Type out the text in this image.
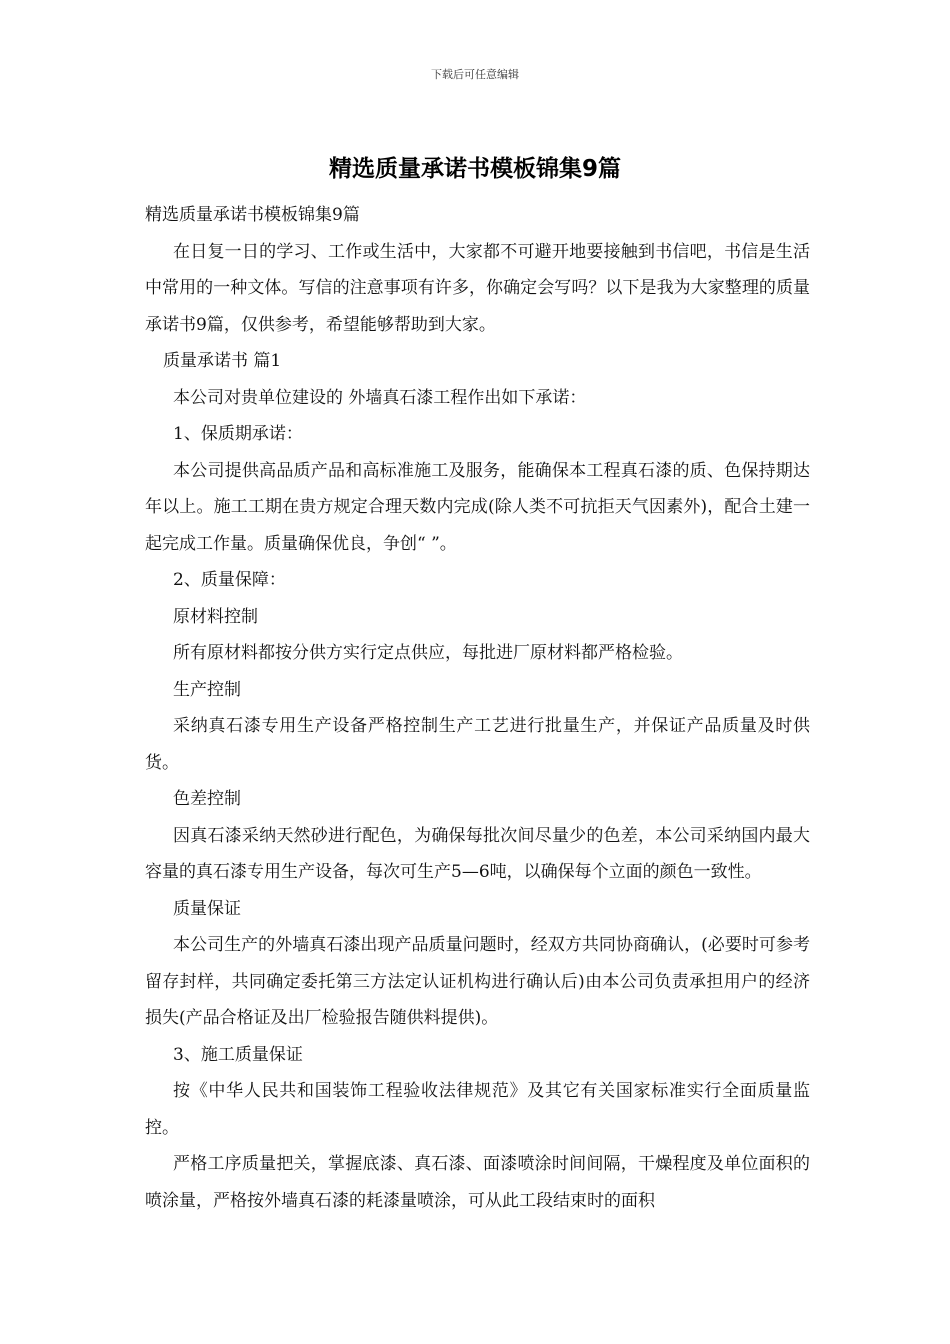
下载后可任意编辑
精选质量承诺书模板锦集9篇

精选质量承诺书模板锦集9篇

在日复一日的学习、工作或生活中，大家都不可避开地要接触到书信吧，书信是生活中常用的一种文体。写信的注意事项有许多，你确定会写吗？以下是我为大家整理的质量承诺书9篇，仅供参考，希望能够帮助到大家。

质量承诺书 篇1

本公司对贵单位建设的 外墙真石漆工程作出如下承诺：

1、保质期承诺：

本公司提供高品质产品和高标准施工及服务，能确保本工程真石漆的质、色保持期达 年以上。施工工期在贵方规定合理天数内完成(除人类不可抗拒天气因素外)，配合土建一起完成工作量。质量确保优良，争创“ ”。

2、质量保障：

原材料控制

所有原材料都按分供方实行定点供应，每批进厂原材料都严格检验。

生产控制

采纳真石漆专用生产设备严格控制生产工艺进行批量生产，并保证产品质量及时供货。

色差控制

因真石漆采纳天然砂进行配色，为确保每批次间尽量少的色差，本公司采纳国内最大容量的真石漆专用生产设备，每次可生产5—6吨，以确保每个立面的颜色一致性。

质量保证

本公司生产的外墙真石漆出现产品质量问题时，经双方共同协商确认，(必要时可参考留存封样，共同确定委托第三方法定认证机构进行确认后)由本公司负责承担用户的经济损失(产品合格证及出厂检验报告随供料提供)。

3、施工质量保证

按《中华人民共和国装饰工程验收法律规范》及其它有关国家标准实行全面质量监控。

严格工序质量把关，掌握底漆、真石漆、面漆喷涂时间间隔，干燥程度及单位面积的喷涂量，严格按外墙真石漆的耗漆量喷涂，可从此工段结束时的面积
